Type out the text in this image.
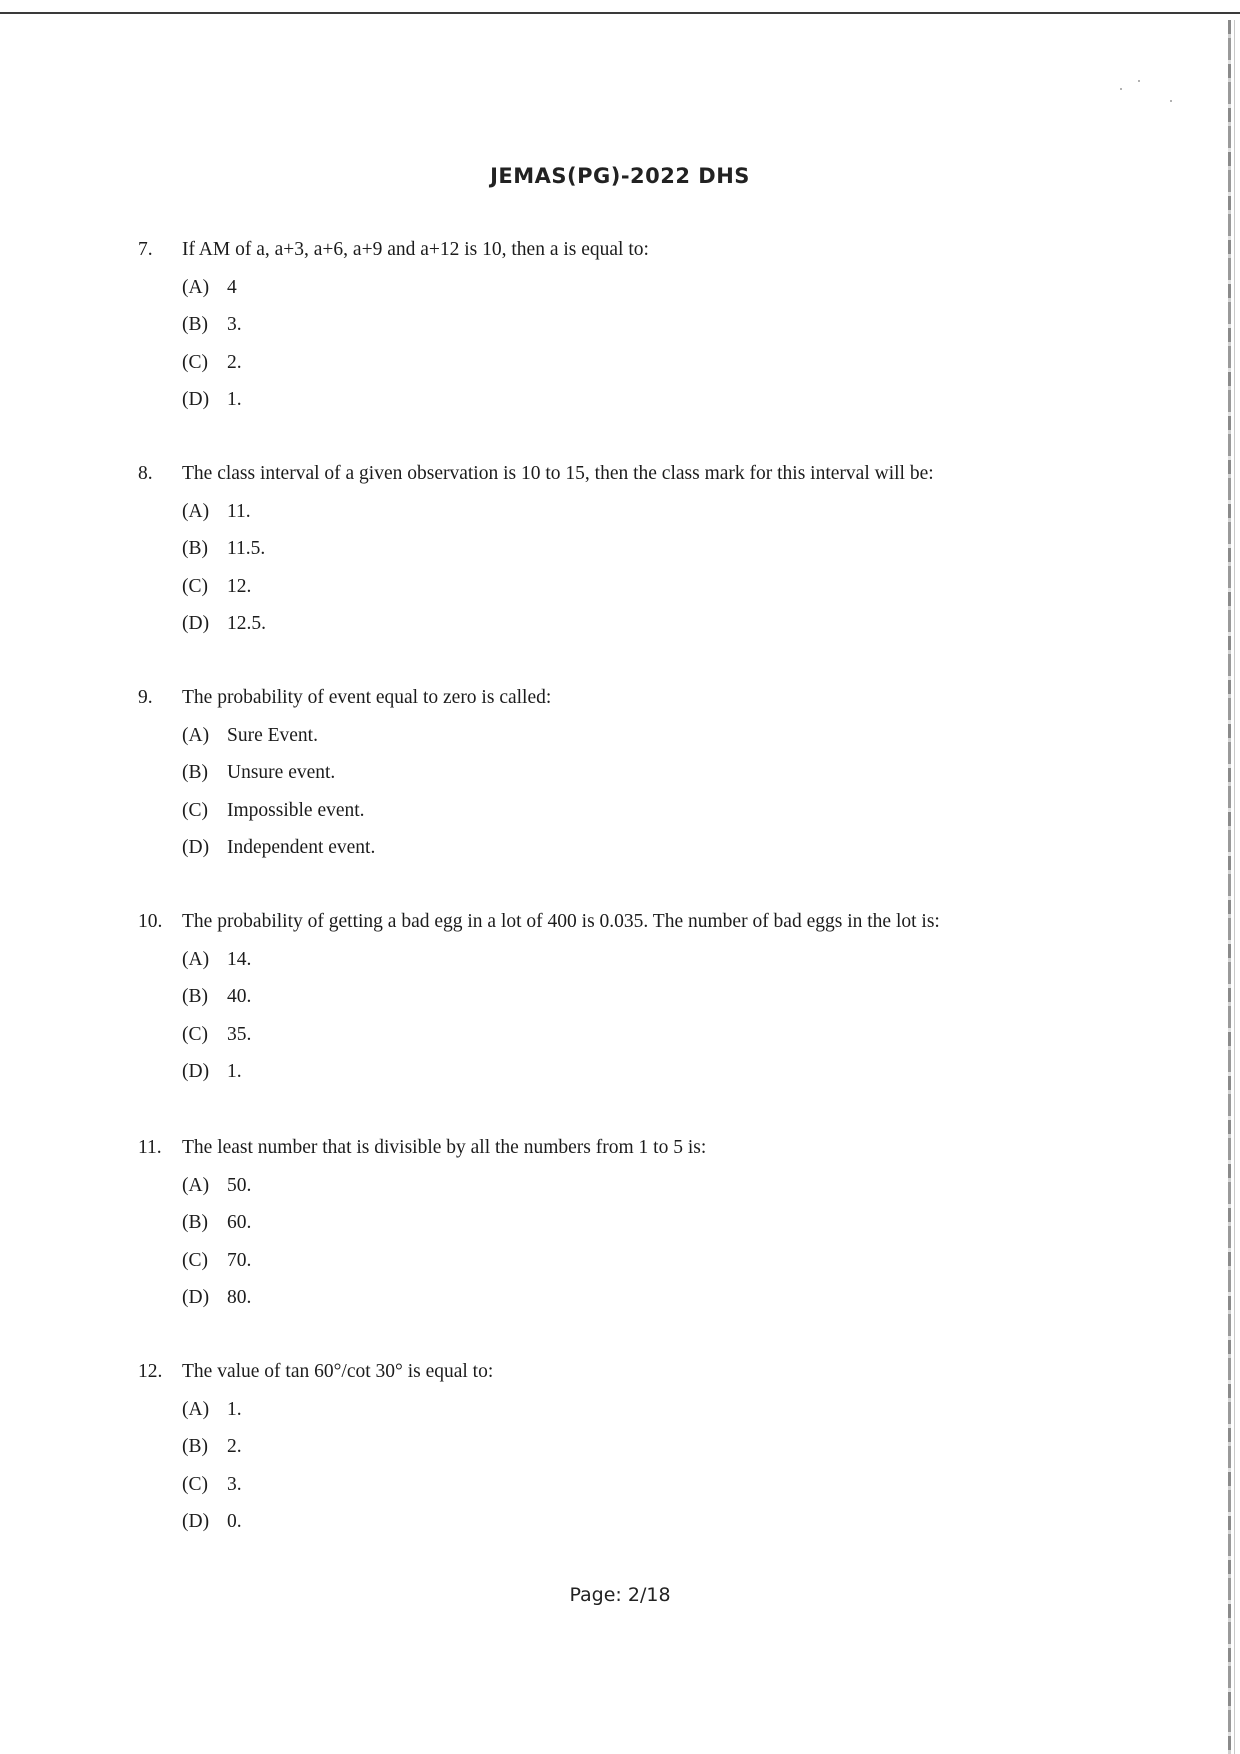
JEMAS(PG)-2022 DHS
7. If AM of a, a+3, a+6, a+9 and a+12 is 10, then a is equal to:
(A) 4
(B) 3.
(C) 2.
(D) 1.
8. The class interval of a given observation is 10 to 15, then the class mark for this interval will be:
(A) 11.
(B) 11.5.
(C) 12.
(D) 12.5.
9. The probability of event equal to zero is called:
(A) Sure Event.
(B) Unsure event.
(C) Impossible event.
(D) Independent event.
10. The probability of getting a bad egg in a lot of 400 is 0.035. The number of bad eggs in the lot is:
(A) 14.
(B) 40.
(C) 35.
(D) 1.
11. The least number that is divisible by all the numbers from 1 to 5 is:
(A) 50.
(B) 60.
(C) 70.
(D) 80.
12. The value of tan 60°/cot 30° is equal to:
(A) 1.
(B) 2.
(C) 3.
(D) 0.
Page: 2/18
